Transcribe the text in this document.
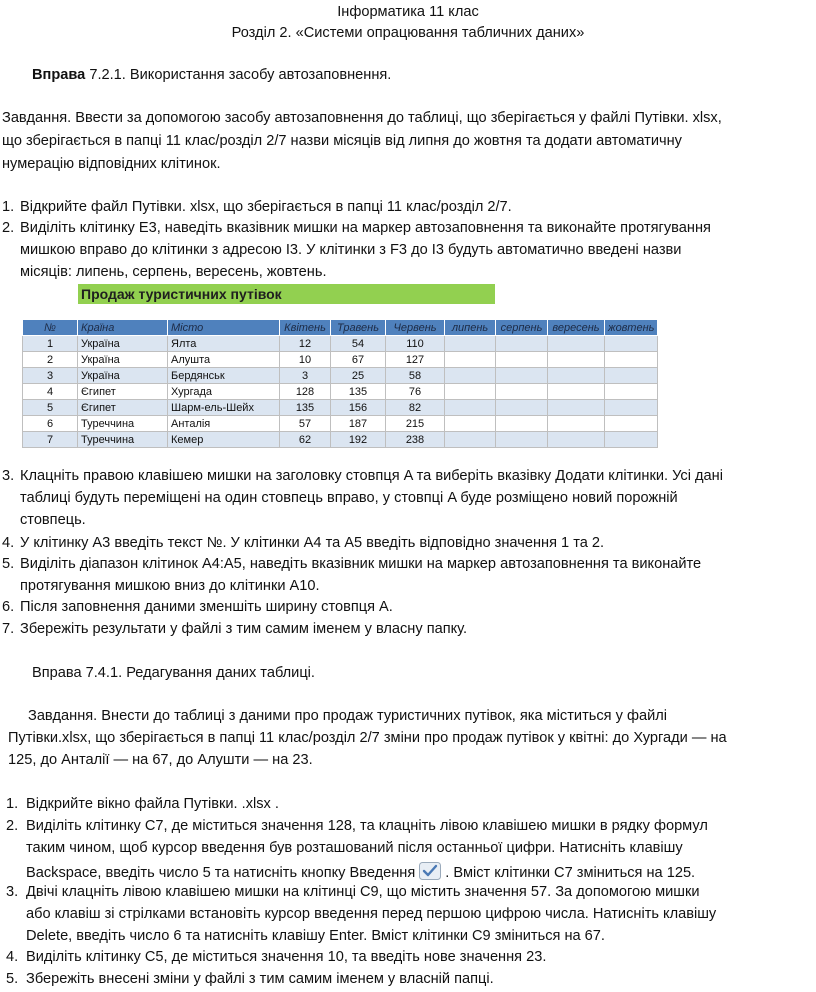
Інформатика 11 клас
Розділ 2. «Системи опрацювання табличних даних»
Вправа 7.2.1. Використання засобу автозаповнення.
Завдання. Ввести за допомогою засобу автозаповнення до таблиці, що зберігається у файлі Путівки. xlsx,
що зберігається в папці 11 клас/розділ 2/7 назви місяців від липня до жовтня та додати автоматичну
нумерацію відповідних клітинок.
1. Відкрийте файл Путівки. xlsx, що зберігається в папці 11 клас/розділ 2/7.
2. Виділіть клітинку E3, наведіть вказівник мишки на маркер автозаповнення та виконайте протягування
мишкою вправо до клітинки з адресою I3. У клітинки з F3 до I3 будуть автоматично введені назви
місяців: липень, серпень, вересень, жовтень.
	Продаж туристичних путівок								

№	Країна	Місто	Квітень	Травень	Червень	липень	серпень	вересень	жовтень
1	Україна	Ялта	12	54	110				
2	Україна	Алушта	10	67	127				
3	Україна	Бердянськ	3	25	58				
4	Єгипет	Хургада	128	135	76				
5	Єгипет	Шарм-ель-Шейх	135	156	82				
6	Туреччина	Анталія	57	187	215				
7	Туреччина	Кемер	62	192	238				
3. Клацніть правою клавішею мишки на заголовку стовпця A та виберіть вказівку Додати клітинки. Усі дані
таблиці будуть переміщені на один стовпець вправо, у стовпці A буде розміщено новий порожній
стовпець.
4. У клітинку A3 введіть текст №. У клітинки A4 та A5 введіть відповідно значення 1 та 2.
5. Виділіть діапазон клітинок A4:A5, наведіть вказівник мишки на маркер автозаповнення та виконайте
протягування мишкою вниз до клітинки A10.
6. Після заповнення даними зменшіть ширину стовпця A.
7. Збережіть результати у файлі з тим самим іменем у власну папку.
Вправа 7.4.1. Редагування даних таблиці.
Завдання. Внести до таблиці з даними про продаж туристичних путівок, яка міститься у файлі
Путівки.xlsx, що зберігається в папці 11 клас/розділ 2/7 зміни про продаж путівок у квітні: до Хургади — на
125, до Анталії — на 67, до Алушти — на 23.
1. Відкрийте вікно файла Путівки. .xlsx .
2. Виділіть клітинку С7, де міститься значення 128, та клацніть лівою клавішею мишки в рядку формул
таким чином, щоб курсор введення був розташований після останньої цифри. Натисніть клавішу
Backspace, введіть число 5 та натисніть кнопку Введення . Вміст клітинки С7 зміниться на 125.
3. Двічі клацніть лівою клавішею мишки на клітинці С9, що містить значення 57. За допомогою мишки
або клавіш зі стрілками встановіть курсор введення перед першою цифрою числа. Натисніть клавішу
Delete, введіть число 6 та натисніть клавішу Enter. Вміст клітинки С9 зміниться на 67.
4. Виділіть клітинку С5, де міститься значення 10, та введіть нове значення 23.
5. Збережіть внесені зміни у файлі з тим самим іменем у власній папці.
